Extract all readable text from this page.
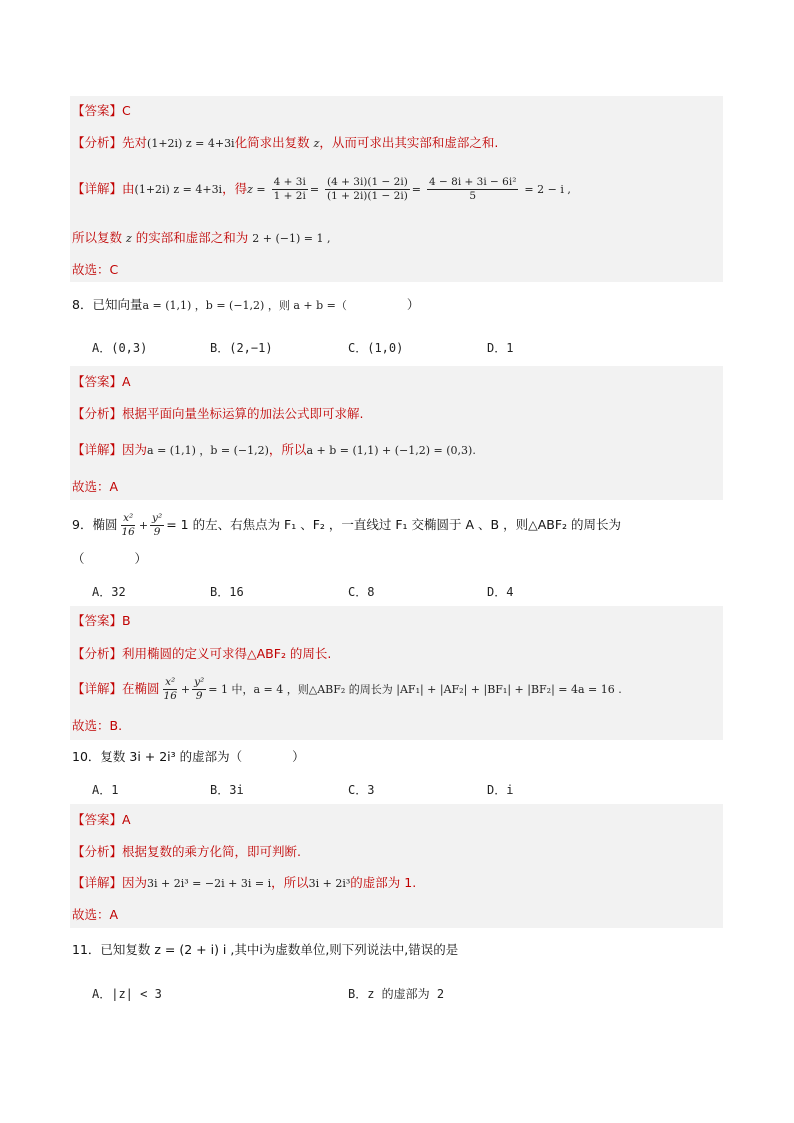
【答案】C
【分析】先对(1+2i) z = 4+3i化简求出复数 z，从而可求出其实部和虚部之和.
【详解】由(1+2i) z = 4+3i，得$z = \frac{4 + 3i}{1 + 2i} = \frac{(4 + 3i)(1 - 2i)}{(1 + 2i)(1 - 2i)} = \frac{\text{4 − 8i + 3i − 6i²}}{5} = 2 - i$ ,
所以复数 z 的实部和虚部之和为 2 + (−1) = 1 ,
故选：C
8．已知向量a = (1,1) ，b = (−1,2) ，则 a + b =（	）
A．(0,3)	B．(2,−1)	C．(1,0)	D．1
【答案】A
【分析】根据平面向量坐标运算的加法公式即可求解.
【详解】因为a = (1,1) ，b = (−1,2)，所以a + b = (1,1) + (−1,2) = (0,3).
故选：A
9．椭圆 $\frac{\text{x²}}{16} + \frac{\text{y²}}{9} = 1$ 的左、右焦点为 F₁ 、F₂ ，一直线过 F₁ 交椭圆于 A 、B ，则△ABF₂ 的周长为
（　　　　）
A．32	B．16	C．8	D．4
【答案】B
【分析】利用椭圆的定义可求得△ABF₂ 的周长.
【详解】在椭圆 $\frac{\text{x²}}{16} + \frac{\text{y²}}{9} = 1$ 中，a = 4 ，则△ABF₂ 的周长为 |AF₁| + |AF₂| + |BF₁| + |BF₂| = 4a = 16 .
故选：B.
10．复数 3i + 2i³ 的虚部为（　　　　）
A．1	B．3i	C．3	D．i
【答案】A
【分析】根据复数的乘方化简，即可判断.
【详解】因为3i + 2i³ = −2i + 3i = i，所以3i + 2i³的虚部为 1.
故选：A
11．已知复数 z = (2 + i) i ,其中i为虚数单位,则下列说法中,错误的是
A．|z| < 3	B．z 的虚部为 2
